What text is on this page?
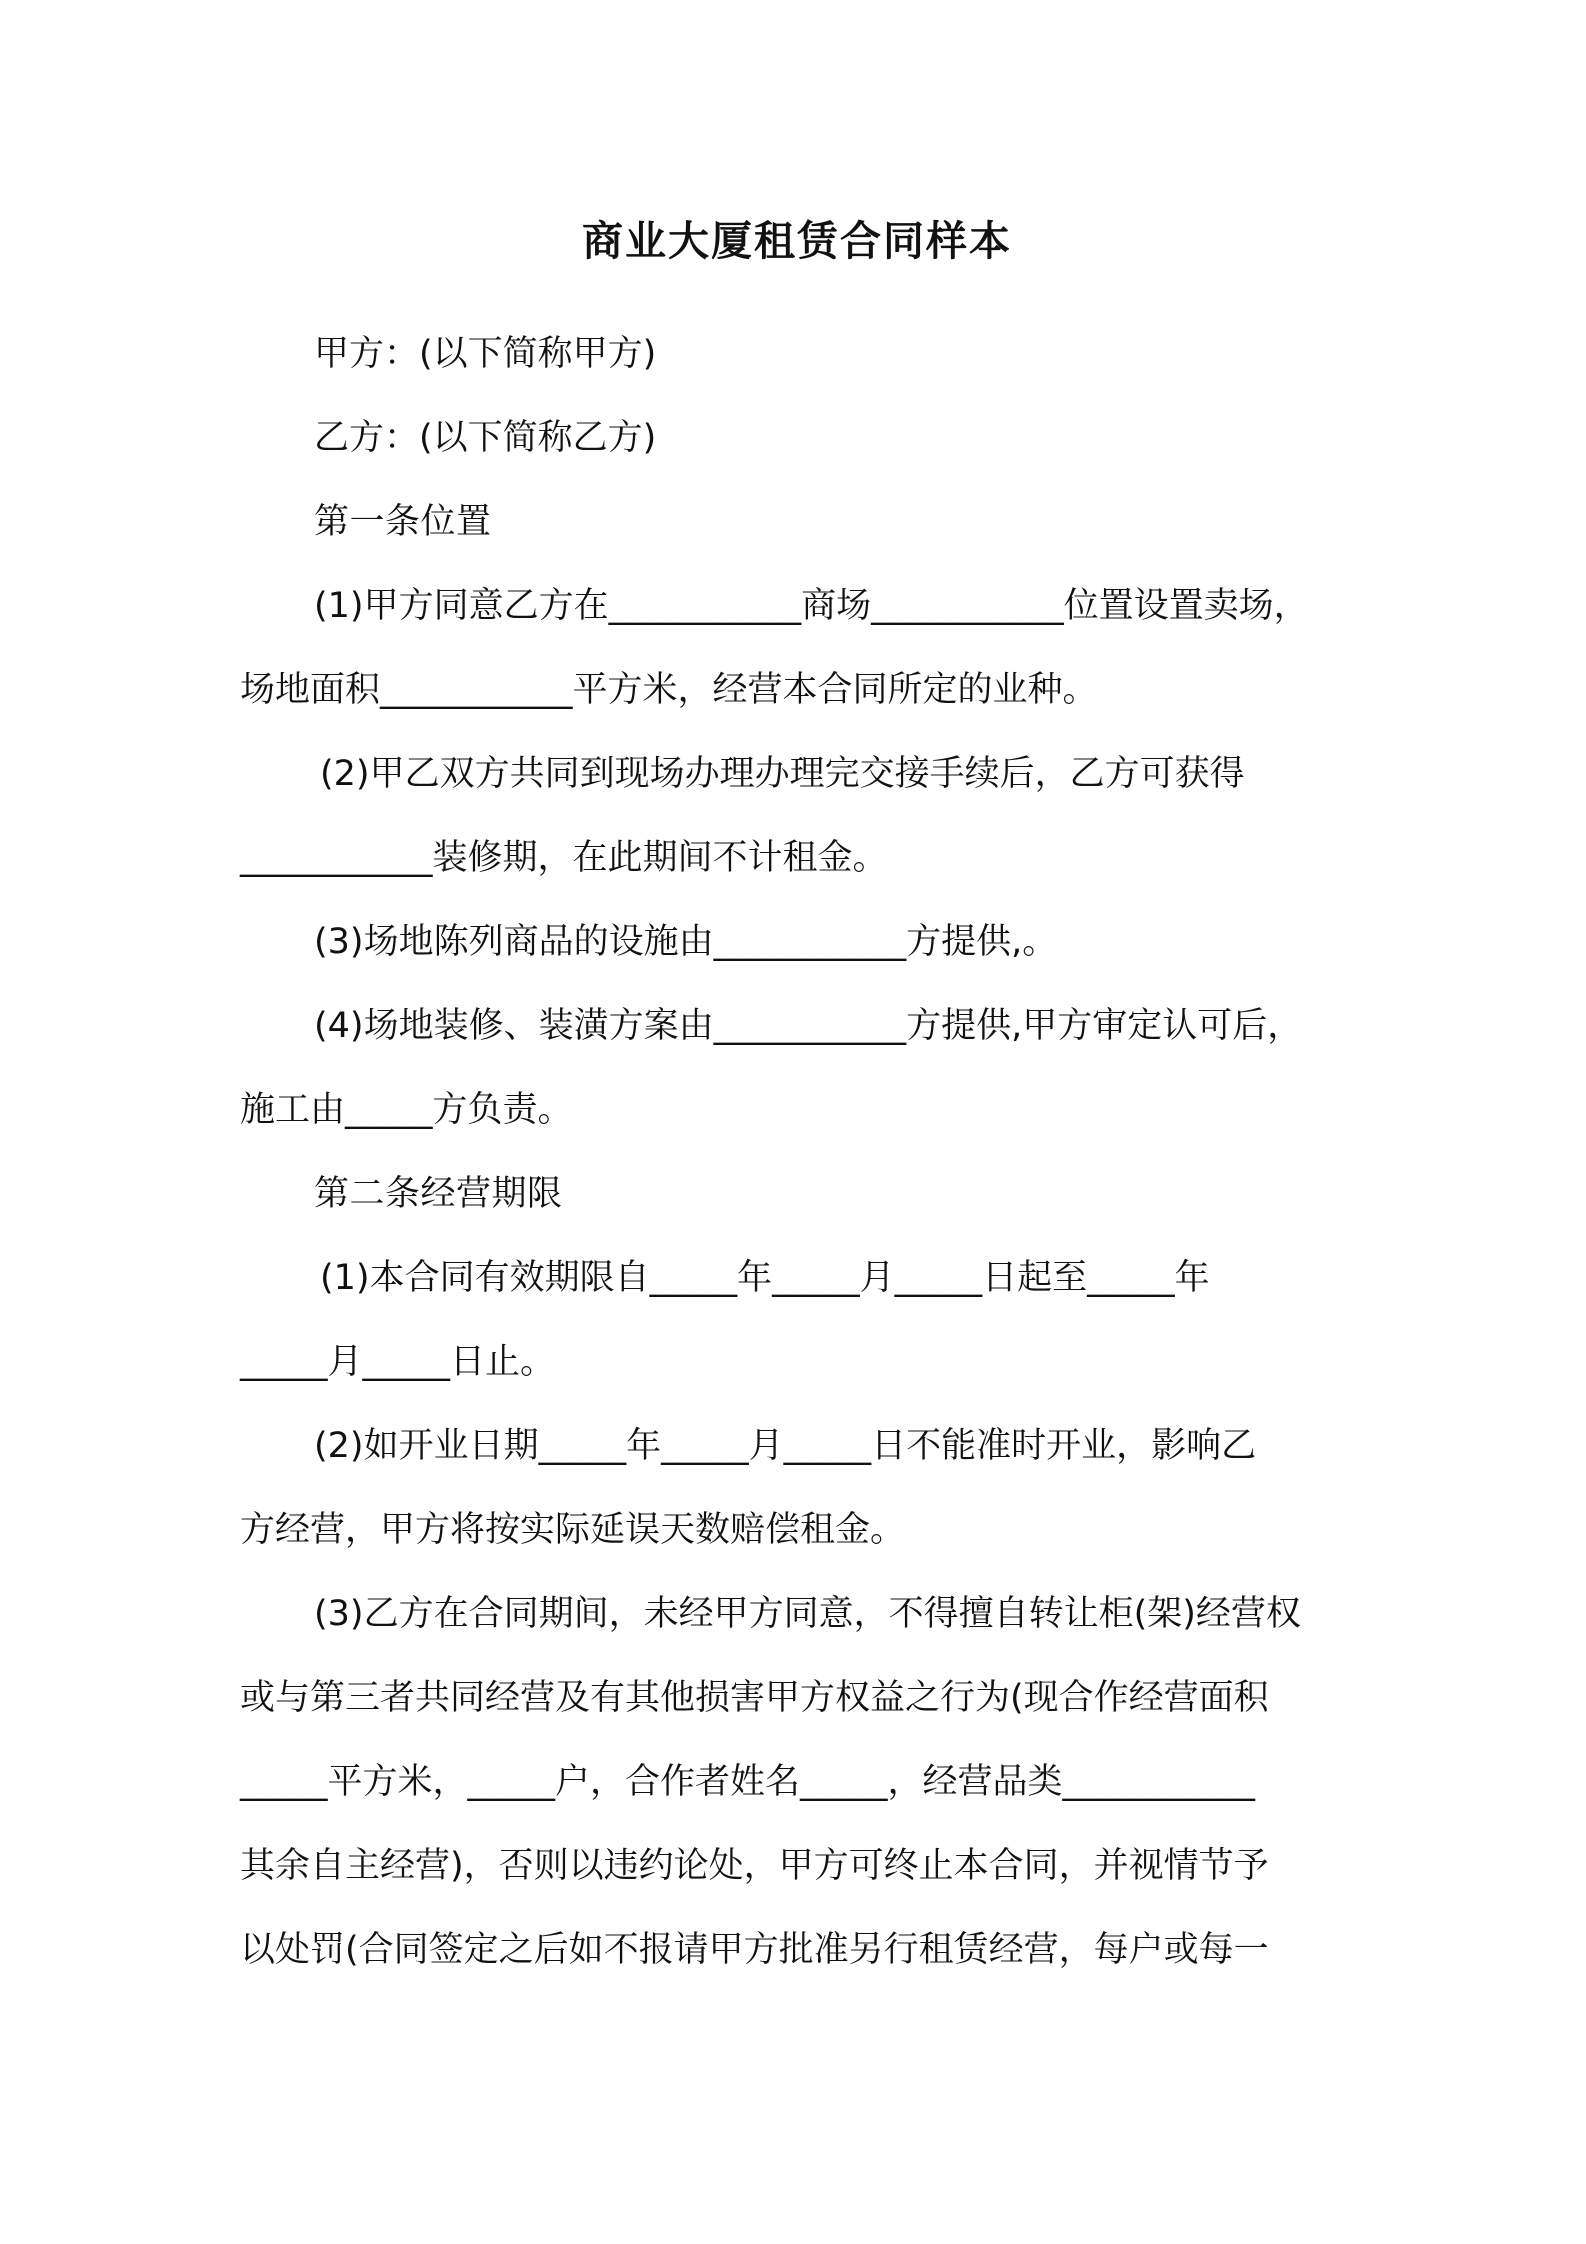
商业大厦租赁合同样本
甲方：(以下简称甲方)
乙方：(以下简称乙方)
第一条位置
(1)甲方同意乙方在___________商场___________位置设置卖场，
场地面积___________平方米，经营本合同所定的业种。
(2)甲乙双方共同到现场办理办理完交接手续后，乙方可获得
___________装修期，在此期间不计租金。
(3)场地陈列商品的设施由___________方提供,。
(4)场地装修、装潢方案由___________方提供,甲方审定认可后，
施工由_____方负责。
第二条经营期限
(1)本合同有效期限自_____年_____月_____日起至_____年
_____月_____日止。
(2)如开业日期_____年_____月_____日不能准时开业，影响乙
方经营，甲方将按实际延误天数赔偿租金。
(3)乙方在合同期间，未经甲方同意，不得擅自转让柜(架)经营权
或与第三者共同经营及有其他损害甲方权益之行为(现合作经营面积
_____平方米，_____户，合作者姓名_____，经营品类___________
其余自主经营)，否则以违约论处，甲方可终止本合同，并视情节予
以处罚(合同签定之后如不报请甲方批准另行租赁经营，每户或每一
